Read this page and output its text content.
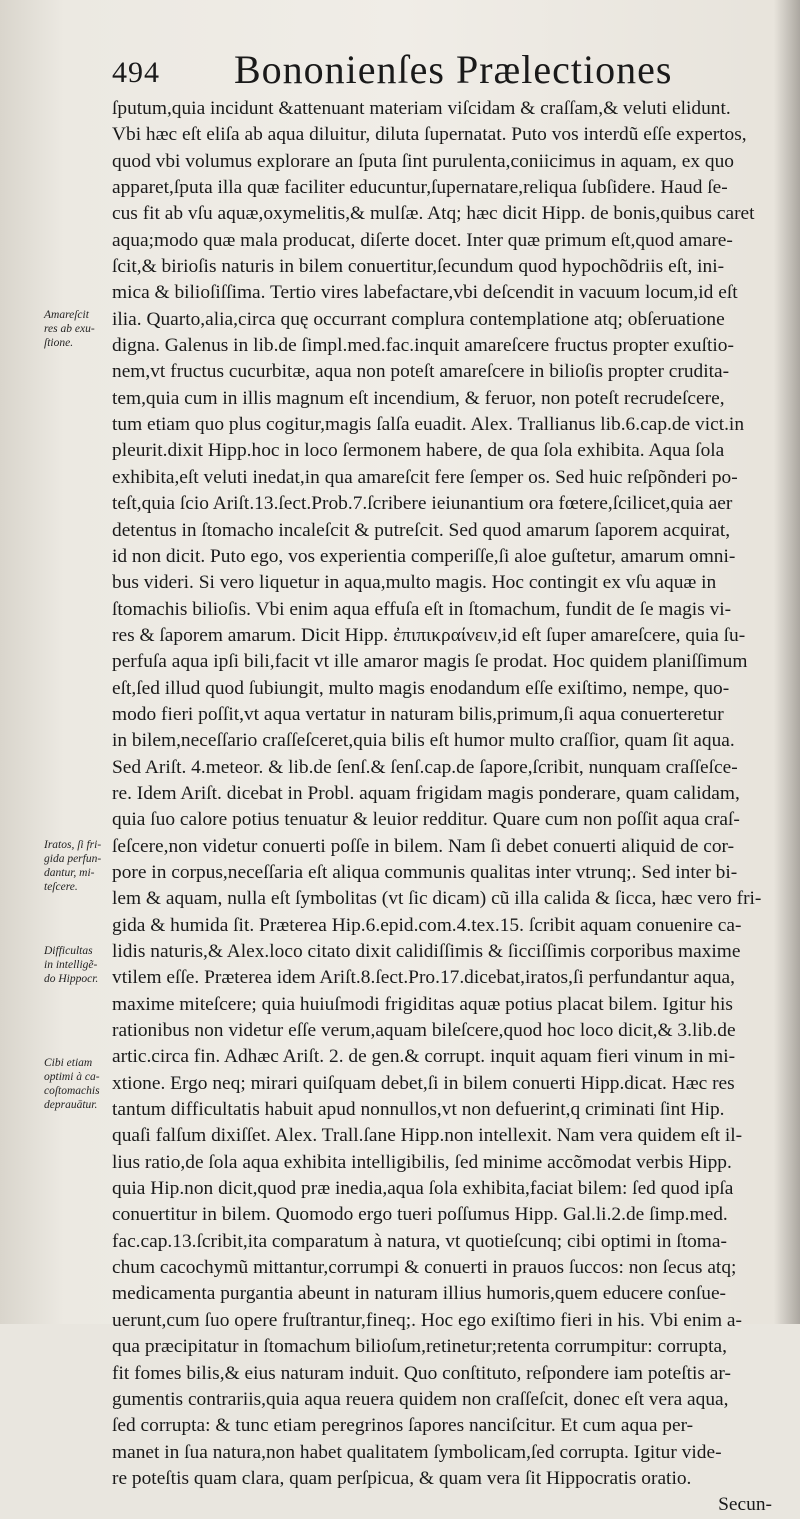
494 Bononienſes Prælectiones
ſputum,quia incidunt &attenuant materiam viſcidam & craſſam,& veluti elidunt.
Vbi hæc eſt eliſa ab aqua diluitur, diluta ſupernatat. Puto vos interdũ eſſe expertos,
quod vbi volumus explorare an ſputa ſint purulenta,coniicimus in aquam, ex quo
apparet,ſputa illa quæ faciliter educuntur,ſupernatare,reliqua ſubſidere. Haud ſe-
cus fit ab vſu aquæ,oxymelitis,& mulſæ. Atq; hæc dicit Hipp. de bonis,quibus caret
aqua;modo quæ mala producat, diſerte docet. Inter quæ primum eſt,quod amare-
ſcit,& birioſis naturis in bilem conuertitur,ſecundum quod hypochõdriis eſt, ini-
mica & bilioſiſſima. Tertio vires labefactare,vbi deſcendit in vacuum locum,id eſt
ilia. Quarto,alia,circa quę occurrant complura contemplatione atq; obſeruatione
digna. Galenus in lib.de ſimpl.med.fac.inquit amareſcere fructus propter exuſtio-
nem,vt fructus cucurbitæ, aqua non poteſt amareſcere in bilioſis propter cruditа-
tem,quia cum in illis magnum eſt incendium, & feruor, non poteſt recrudeſcere,
tum etiam quo plus cogitur,magis ſalſa euadit. Alex. Trallianus lib.6.cap.de vict.in
pleurit.dixit Hipp.hoc in loco ſermonem habere, de qua ſola exhibita. Aqua ſola
exhibita,eſt veluti inedat,in qua amareſcit fere ſemper os. Sed huic reſpõnderi po-
teſt,quia ſcio Ariſt.13.ſect.Prob.7.ſcribere ieiunantium ora fœtere,ſcilicet,quia aer
detentus in ſtomacho incaleſcit & putreſcit. Sed quod amarum ſaporem acquirat,
id non dicit. Puto ego, vos experientia comperiſſe,ſi aloe guſtetur, amarum omni-
bus videri. Si vero liquetur in aqua,multo magis. Hoc contingit ex vſu aquæ in
ſtomachis bilioſis. Vbi enim aqua effuſa eſt in ſtomachum, fundit de ſe magis vi-
res & ſaporem amarum. Dicit Hipp. ἐπιπικραίνειν,id eſt ſuper amareſcere, quia ſu-
perfuſa aqua ipſi bili,facit vt ille amaror magis ſe prodat. Hoc quidem planiſſimum
eſt,ſed illud quod ſubiungit, multo magis enodandum eſſe exiſtimo, nempe, quo-
modo fieri poſſit,vt aqua vertatur in naturam bilis,primum,ſi aqua conuerteretur
in bilem,neceſſario craſſeſceret,quia bilis eſt humor multo craſſior, quam ſit aqua.
Sed Ariſt. 4.meteor. & lib.de ſenſ.& ſenſ.cap.de ſapore,ſcribit, nunquam craſſeſce-
re. Idem Ariſt. dicebat in Probl. aquam frigidam magis ponderare, quam calidam,
quia ſuo calore potius tenuatur & leuior redditur. Quare cum non poſſit aqua craſ-
ſeſcere,non videtur conuerti poſſe in bilem. Nam ſi debet conuerti aliquid de cor-
pore in corpus,neceſſaria eſt aliqua communis qualitas inter vtrunq;. Sed inter bi-
lem & aquam, nulla eſt ſymbolitas (vt ſic dicam) cũ illa calida & ſicca, hæc vero fri-
gida & humida ſit. Præterea Hip.6.epid.com.4.tex.15. ſcribit aquam conuenire ca-
lidis naturis,& Alex.loco citato dixit calidiſſimis & ſicciſſimis corporibus maxime
vtilem eſſe. Præterea idem Ariſt.8.ſect.Pro.17.dicebat,iratos,ſi perfundantur aqua,
maxime miteſcere; quia huiuſmodi frigiditas aquæ potius placat bilem. Igitur his
rationibus non videtur eſſe verum,aquam bileſcere,quod hoc loco dicit,& 3.lib.de
artic.circa fin. Adhæc Ariſt. 2. de gen.& corrupt. inquit aquam fieri vinum in mi-
xtione. Ergo neq; mirari quiſquam debet,ſi in bilem conuerti Hipp.dicat. Hæc res
tantum difficultatis habuit apud nonnullos,vt non defuerint,q criminati ſint Hip.
quaſi falſum dixiſſet. Alex. Trall.ſane Hipp.non intellexit. Nam vera quidem eſt il-
lius ratio,de ſola aqua exhibita intelligibilis, ſed minime accõmodat verbis Hipp.
quia Hip.non dicit,quod præ inedia,aqua ſola exhibita,faciat bilem: ſed quod ipſa
conuertitur in bilem. Quomodo ergo tueri poſſumus Hipp. Gal.li.2.de ſimp.med.
fac.cap.13.ſcribit,ita comparatum à natura, vt quotieſcunq; cibi optimi in ſtoma-
chum cacochymũ mittantur,corrumpi & conuerti in prauos ſuccos: non ſecus atq;
medicamenta purgantia abeunt in naturam illius humoris,quem educere conſue-
uerunt,cum ſuo opere fruſtrantur,fineq;. Hoc ego exiſtimo fieri in his. Vbi enim a-
qua præcipitatur in ſtomachum bilioſum,retinetur;retenta corrumpitur: corrupta,
fit fomes bilis,& eius naturam induit. Quo conſtituto, reſpondere iam poteſtis ar-
gumentis contrariis,quia aqua reuera quidem non craſſeſcit, donec eſt vera aqua,
ſed corrupta: & tunc etiam peregrinos ſapores nanciſcitur. Et cum aqua per-
manet in ſua natura,non habet qualitatem ſymbolicam,ſed corrupta. Igitur vide-
re poteſtis quam clara, quam perſpicua, & quam vera ſit Hippocratis oratio.
Secun-
Amareſcit
res ab exu-
ſtione.
Iratos, ſi fri-
gida perfun-
dantur, mi-
teſcere.
Difficultas
in intelligẽ-
do Hippocr.
Cibi etiam
optimi à ca-
coſtomachis
deprauātur.
